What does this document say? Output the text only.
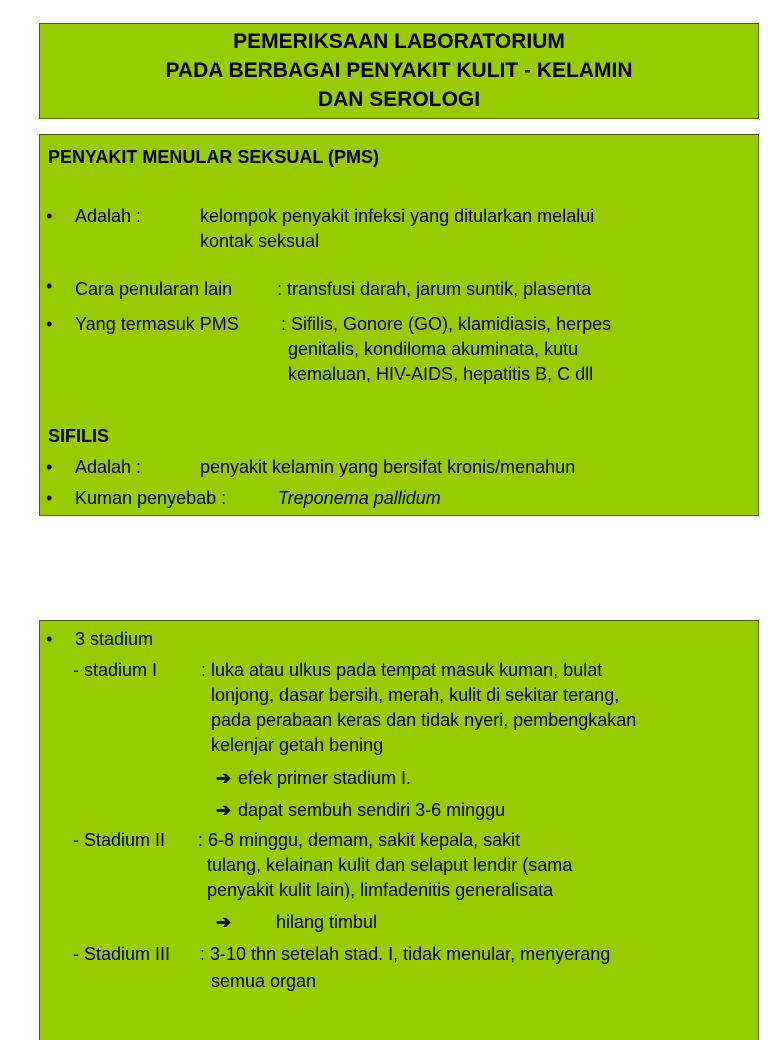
PEMERIKSAAN LABORATORIUM
PADA BERBAGAI PENYAKIT KULIT - KELAMIN
DAN SEROLOGI
PENYAKIT MENULAR SEKSUAL (PMS)
• Adalah :	kelompok penyakit infeksi yang ditularkan melalui
kontak seksual
• Cara penularan lain : transfusi darah, jarum suntik, plasenta
• Yang termasuk PMS : Sifilis, Gonore (GO), klamidiasis, herpes
genitalis, kondiloma akuminata, kutu
kemaluan, HIV-AIDS, hepatitis B, C dll
SIFILIS
• Adalah :	penyakit kelamin yang bersifat kronis/menahun
• Kuman penyebab :	Treponema pallidum
• 3 stadium
- stadium I : luka atau ulkus pada tempat masuk kuman, bulat
lonjong, dasar bersih, merah, kulit di sekitar terang,
pada perabaan keras dan tidak nyeri, pembengkakan
kelenjar getah bening
➔ efek primer stadium I.
➔ dapat sembuh sendiri 3-6 minggu
- Stadium II : 6-8 minggu, demam, sakit kepala, sakit
tulang, kelainan kulit dan selaput lendir (sama
penyakit kulit lain), limfadenitis generalisata
➔ hilang timbul
- Stadium III : 3-10 thn setelah stad. I, tidak menular, menyerang
semua organ
